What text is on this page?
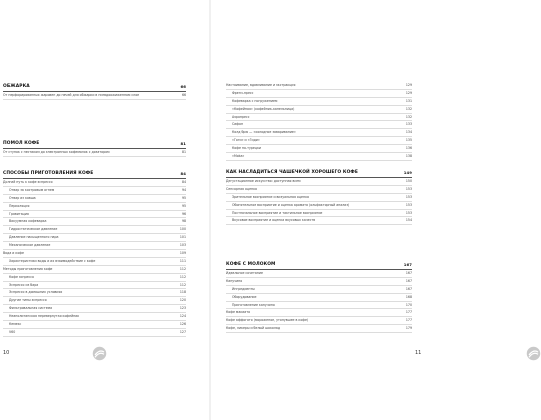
ОБЖАРКА	66
От перфорированных жаровен до печей для обжарки в псевдоожиженном слое	66
ПОМОЛ КОФЕ	81
От ступок с пестиком до электронных кофемолок с дозатором	81
СПОСОБЫ ПРИГОТОВЛЕНИЯ КОФЕ	84
Долгий путь к кофе эспрессо	84
Отвар за костровым огнем	94
Отвар из ковша	95
Перколяция	95
Гравитация	96
Вакуумная кофеварка	98
Гидростатическое давление	100
Давление насыщенного пара	101
Механическое давление	103
Вода и кофе	109
Характеристики воды и их взаимодействие с кофе	111
Методы приготовления кофе	112
Кофе эспрессо	112
Эспрессо из бара	112
Эспрессо в домашних условиях	118
Другие типы эспрессо	120
Фильтровальная система	123
Неаполитанская перевернутая кофейник	124
Кемекс	126
V60	127
10
Настаивание, вдавливание и экстракция	129
Френч-пресс	129
Кофеварка с погружением	131
«Кофейная» (кофейник-капельница)	132
Аэропресс	132
Сифон	133
Колд брю — «холодное заваривание»	134
«Гоги» и «Гиди»	135
Кофе по-турецки	136
«Moka»	138
КАК НАСЛАДИТЬСЯ ЧАШЕЧКОЙ ХОРОШЕГО КОФЕ	149
Дегустационное искусство: доступная всем	150
Сенсорная оценка	153
Зрительное восприятие и визуальная оценка	153
Обонятельное восприятие и оценка аромата (ольфакторный анализ)	153
Постназальное восприятие и тактильное восприятие	153
Вкусовое восприятие и оценка вкусовых качеств	154
КОФЕ С МОЛОКОМ	167
Идеальное сочетание	167
Капучино	167
Ингредиенты	167
Оборудование	168
Приготовление капучино	170
Кофе макиато	177
Кофе аффогато (мороженое, утонувшее в кофе)	177
Кофе, ликеры и белый шоколад	179
11
